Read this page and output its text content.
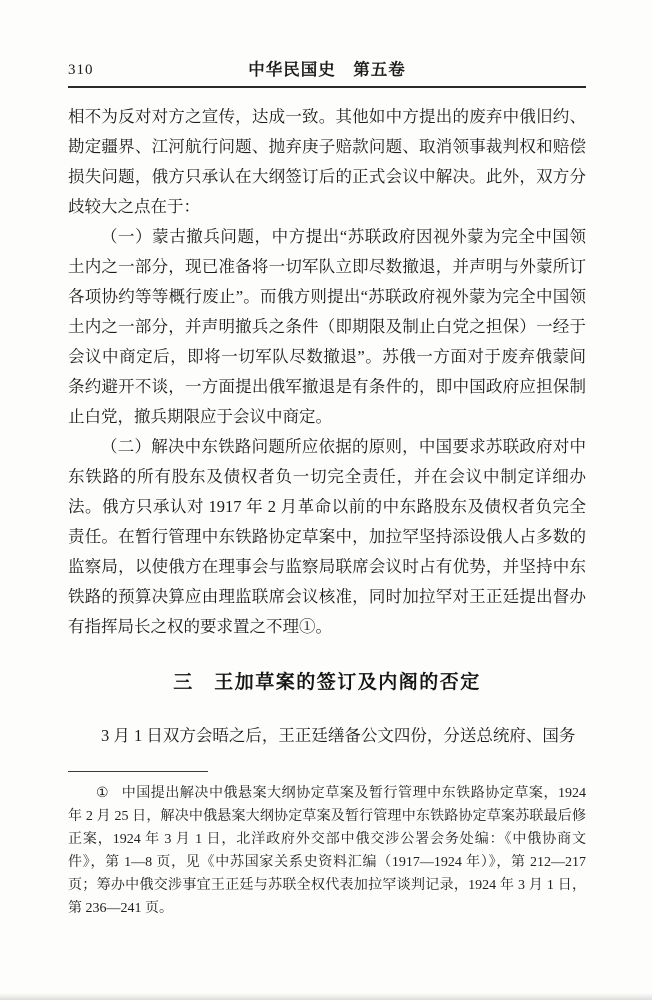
310	中华民国史　第五卷

相不为反对对方之宣传，达成一致。其他如中方提出的废弃中俄旧约、勘定疆界、江河航行问题、抛弃庚子赔款问题、取消领事裁判权和赔偿损失问题，俄方只承认在大纲签订后的正式会议中解决。此外，双方分歧较大之点在于：

（一）蒙古撤兵问题，中方提出“苏联政府因视外蒙为完全中国领土内之一部分，现已准备将一切军队立即尽数撤退，并声明与外蒙所订各项协约等等概行废止”。而俄方则提出“苏联政府视外蒙为完全中国领土内之一部分，并声明撤兵之条件（即期限及制止白党之担保）一经于会议中商定后，即将一切军队尽数撤退”。苏俄一方面对于废弃俄蒙间条约避开不谈，一方面提出俄军撤退是有条件的，即中国政府应担保制止白党，撤兵期限应于会议中商定。

（二）解决中东铁路问题所应依据的原则，中国要求苏联政府对中东铁路的所有股东及债权者负一切完全责任，并在会议中制定详细办法。俄方只承认对 1917 年 2 月革命以前的中东路股东及债权者负完全责任。在暂行管理中东铁路协定草案中，加拉罕坚持添设俄人占多数的监察局，以使俄方在理事会与监察局联席会议时占有优势，并坚持中东铁路的预算决算应由理监联席会议核准，同时加拉罕对王正廷提出督办有指挥局长之权的要求置之不理①。

三　王加草案的签订及内阁的否定

3 月 1 日双方会晤之后，王正廷缮备公文四份，分送总统府、国务

① 中国提出解决中俄悬案大纲协定草案及暂行管理中东铁路协定草案，1924 年 2 月 25 日，解决中俄悬案大纲协定草案及暂行管理中东铁路协定草案苏联最后修正案，1924 年 3 月 1 日，北洋政府外交部中俄交涉公署会务处编：《中俄协商文件》，第 1—8 页，见《中苏国家关系史资料汇编（1917—1924 年）》，第 212—217 页；筹办中俄交涉事宜王正廷与苏联全权代表加拉罕谈判记录，1924 年 3 月 1 日，第 236—241 页。
